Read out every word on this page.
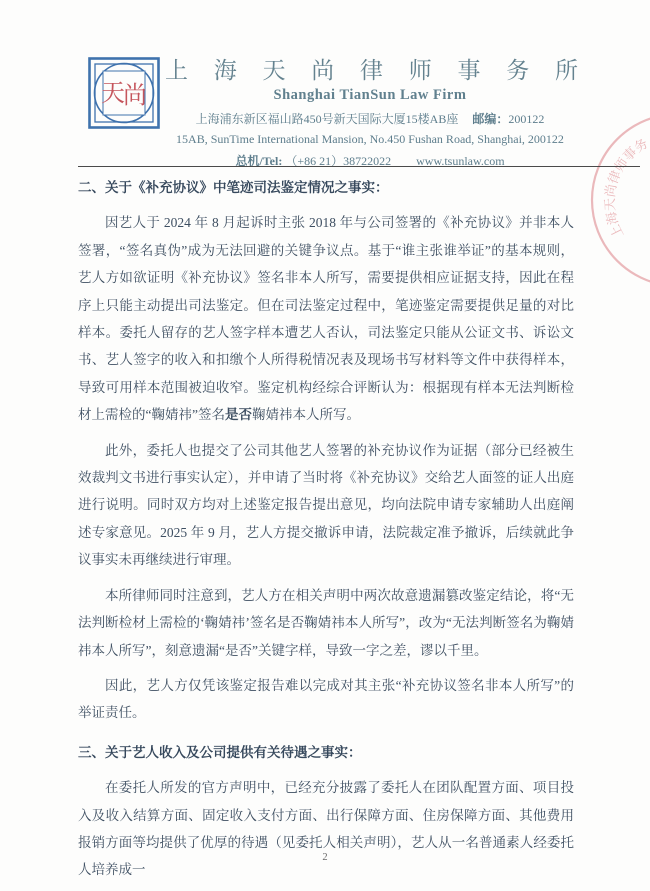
天
尚
上 海 天 尚 律 师 事 务 所
Shanghai TianSun Law Firm
上海浦东新区福山路450号新天国际大厦15楼AB座 邮编：200122
15AB, SunTime International Mansion, No.450 Fushan Road, Shanghai, 200122
总机/Tel: （+86 21）38722022 www.tsunlaw.com
上海天尚律师事务
二、关于《补充协议》中笔迹司法鉴定情况之事实：

因艺人于 2024 年 8 月起诉时主张 2018 年与公司签署的《补充协议》并非本人签署，“签名真伪”成为无法回避的关键争议点。基于“谁主张谁举证”的基本规则，艺人方如欲证明《补充协议》签名非本人所写，需要提供相应证据支持，因此在程序上只能主动提出司法鉴定。但在司法鉴定过程中，笔迹鉴定需要提供足量的对比样本。委托人留存的艺人签字样本遭艺人否认，司法鉴定只能从公证文书、诉讼文书、艺人签字的收入和扣缴个人所得税情况表及现场书写材料等文件中获得样本，导致可用样本范围被迫收窄。鉴定机构经综合评断认为：根据现有样本无法判断检材上需检的“鞠婧祎”签名是否鞠婧祎本人所写。

此外，委托人也提交了公司其他艺人签署的补充协议作为证据（部分已经被生效裁判文书进行事实认定），并申请了当时将《补充协议》交给艺人面签的证人出庭进行说明。同时双方均对上述鉴定报告提出意见，均向法院申请专家辅助人出庭阐述专家意见。2025 年 9 月，艺人方提交撤诉申请，法院裁定准予撤诉，后续就此争议事实未再继续进行审理。

本所律师同时注意到，艺人方在相关声明中两次故意遗漏篡改鉴定结论，将“无法判断检材上需检的‘鞠婧祎’签名是否鞠婧祎本人所写”，改为“无法判断签名为鞠婧祎本人所写”，刻意遗漏“是否”关键字样，导致一字之差，谬以千里。

因此，艺人方仅凭该鉴定报告难以完成对其主张“补充协议签名非本人所写”的举证责任。

三、关于艺人收入及公司提供有关待遇之事实：

在委托人所发的官方声明中，已经充分披露了委托人在团队配置方面、项目投入及收入结算方面、固定收入支付方面、出行保障方面、住房保障方面、其他费用报销方面等均提供了优厚的待遇（见委托人相关声明），艺人从一名普通素人经委托人培养成一

2
